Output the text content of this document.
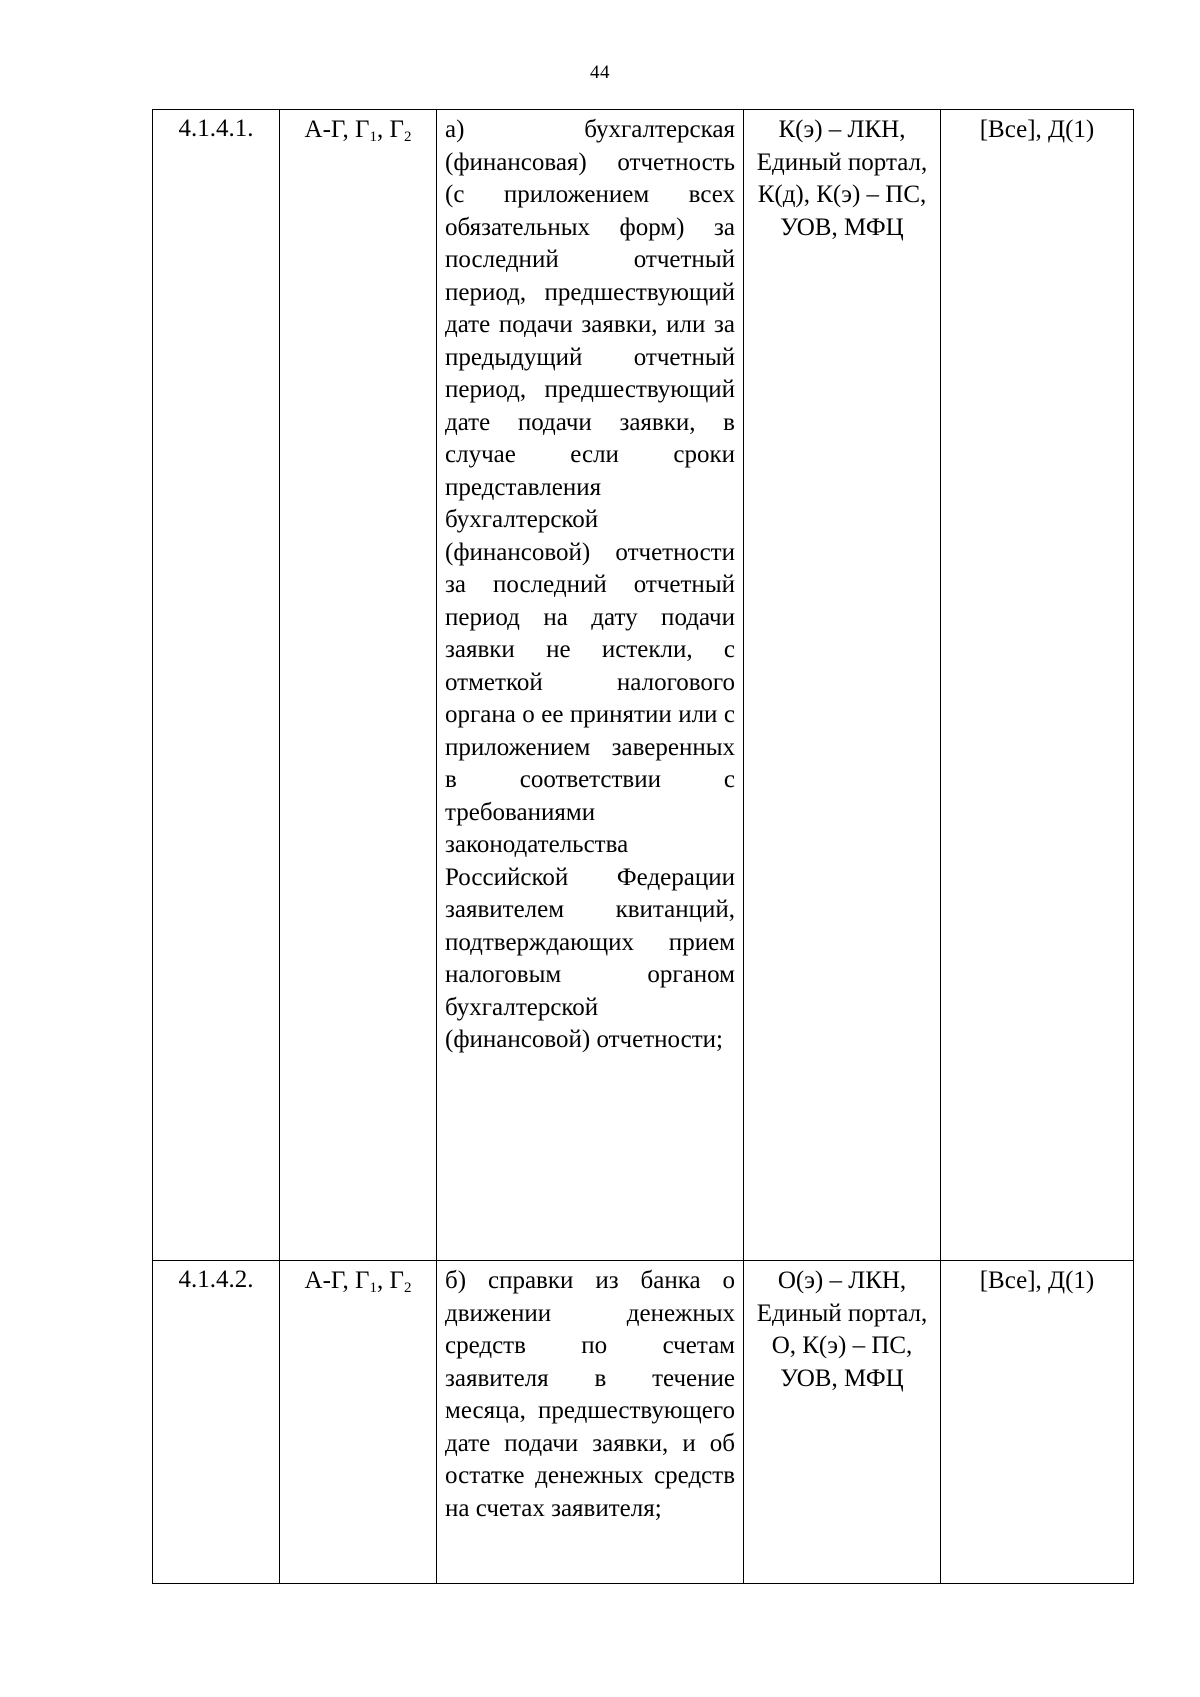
44
4.1.4.1.	А-Г, $Г_1$, $Г_2$	а) бухгалтерская (финансовая) отчетность (с приложением всех обязательных форм) за последний отчетный период, предшествующий дате подачи заявки, или за предыдущий отчетный период, предшествующий дате подачи заявки, в случае если сроки представления бухгалтерской (финансовой) отчетности за последний отчетный период на дату подачи заявки не истекли, с отметкой налогового органа о ее принятии или с приложением заверенных в соответствии с требованиями законодательства Российской Федерации заявителем квитанций, подтверждающих прием налоговым органом бухгалтерской (финансовой) отчетности;	К(э) – ЛКН, Единый портал, К(д), К(э) – ПС, УОВ, МФЦ	[Все], Д(1)
4.1.4.2.	А-Г, $Г_1$, $Г_2$	б) справки из банка о движении денежных средств по счетам заявителя в течение месяца, предшествующего дате подачи заявки, и об остатке денежных средств на счетах заявителя;	О(э) – ЛКН, Единый портал, О, К(э) – ПС, УОВ, МФЦ	[Все], Д(1)
